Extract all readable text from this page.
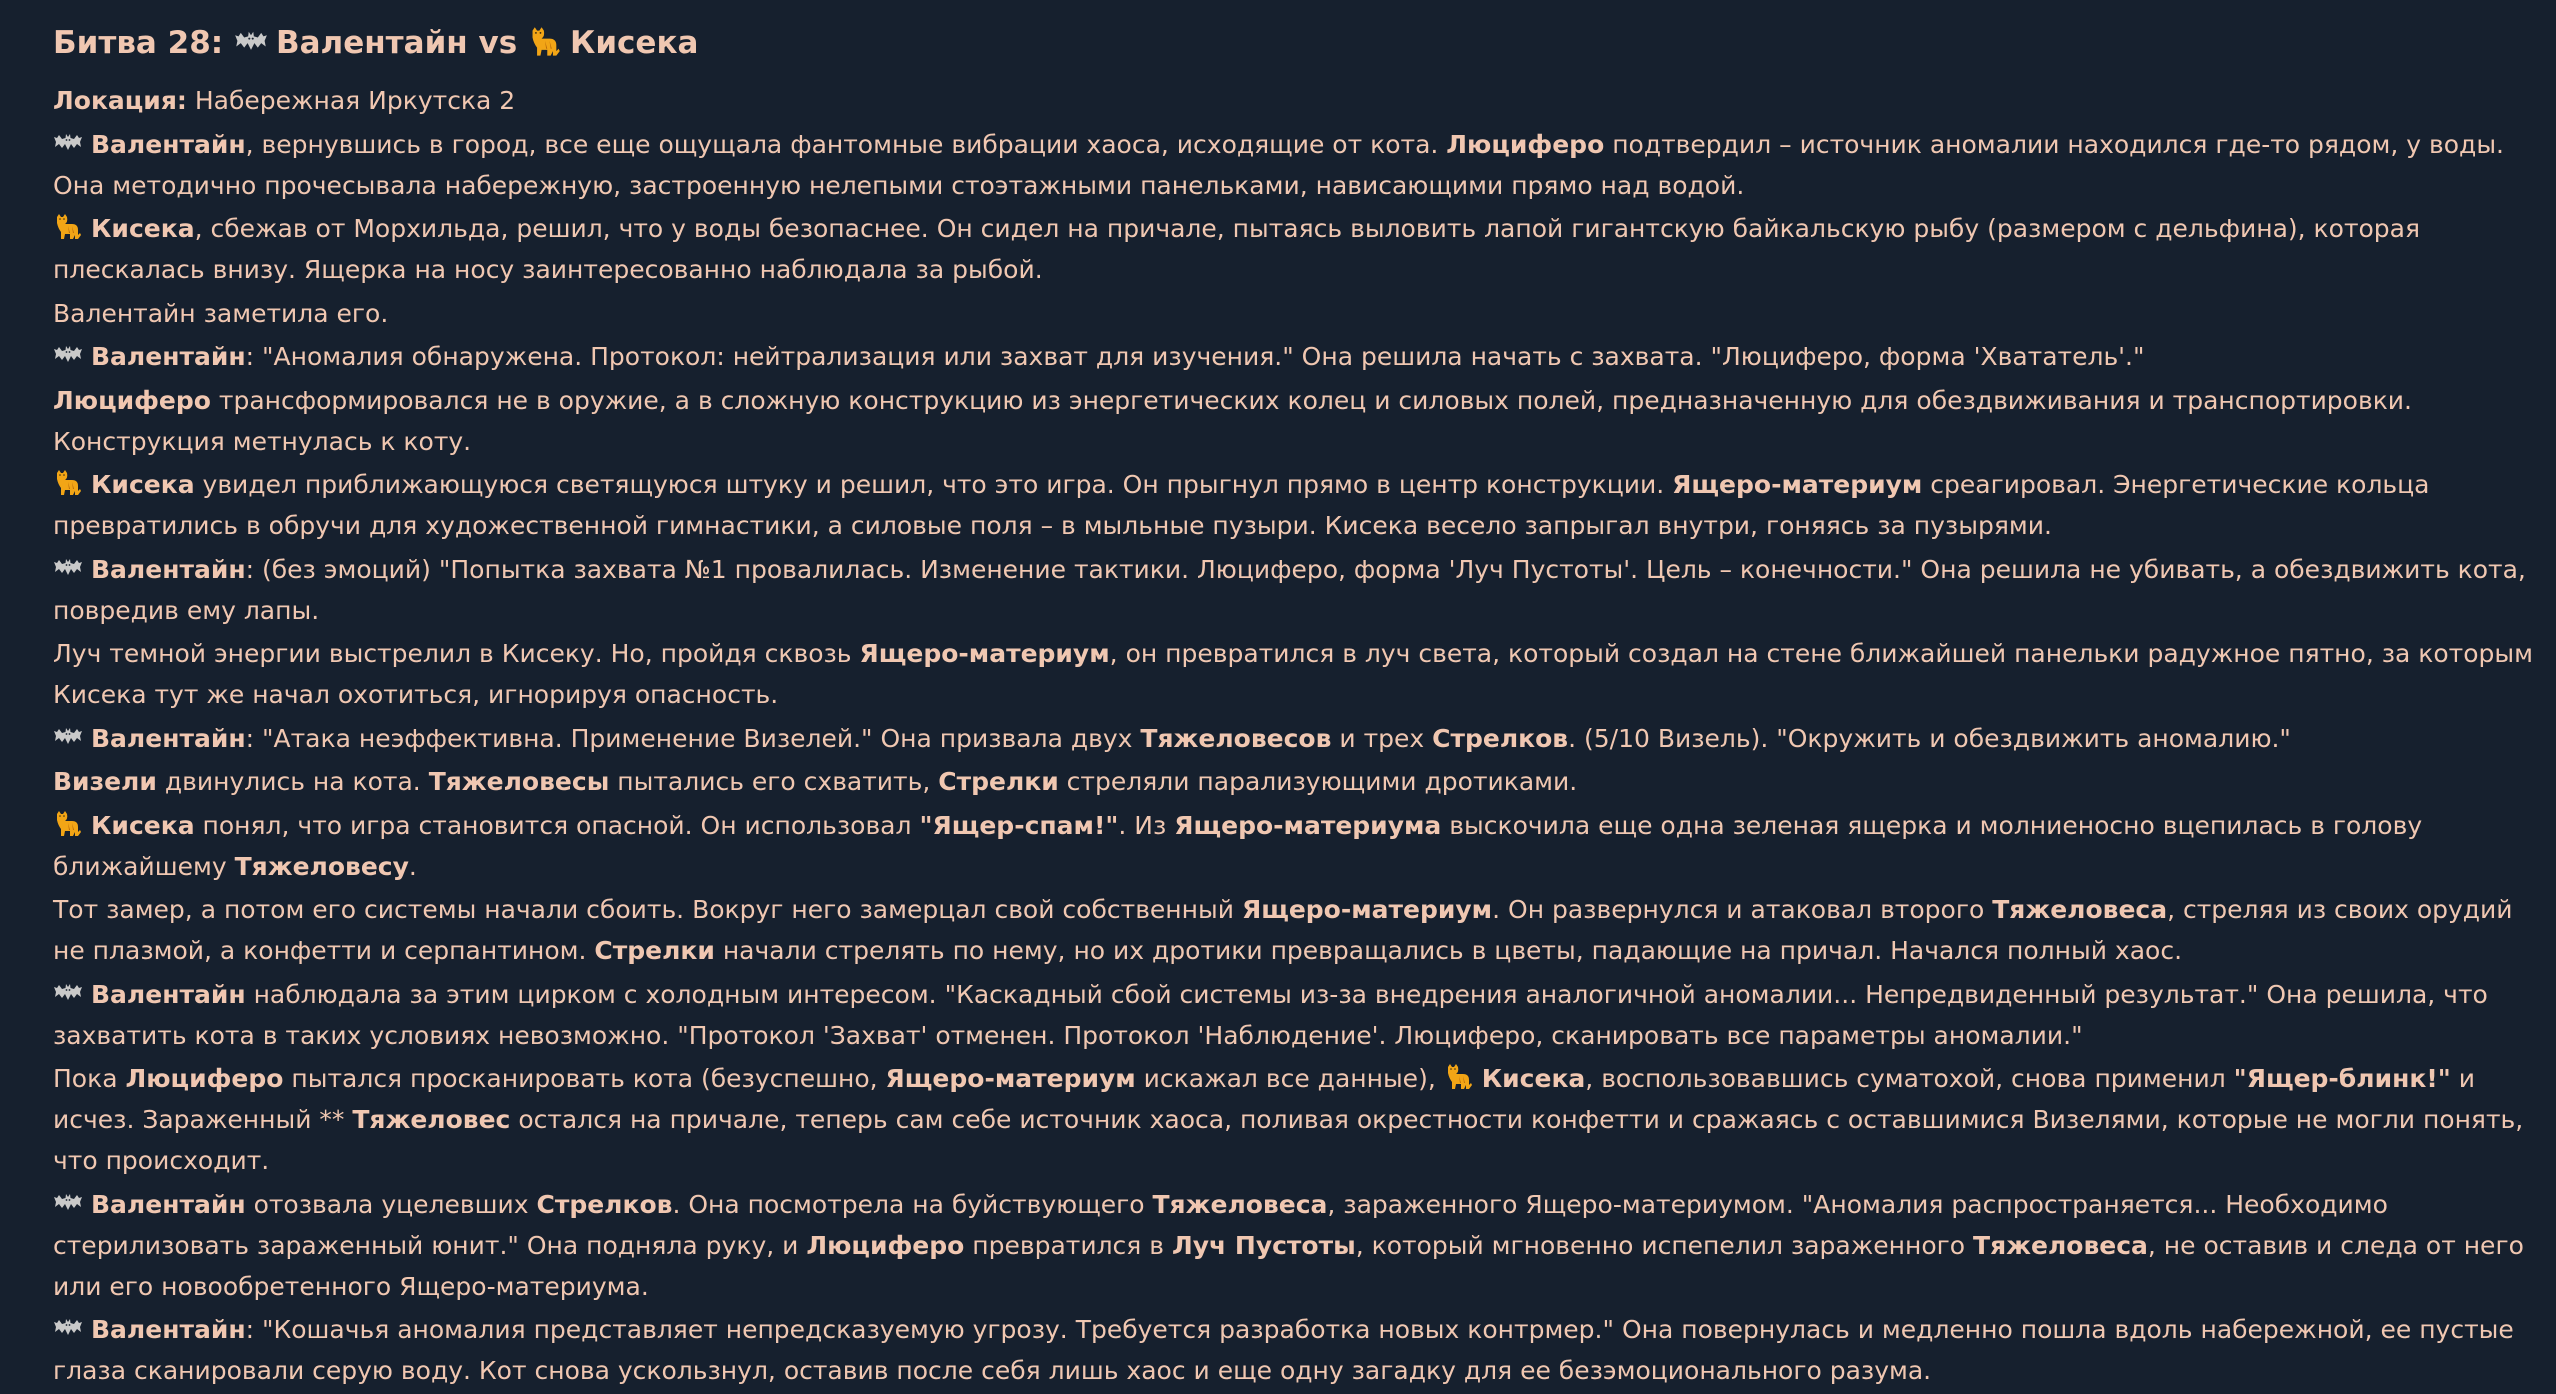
Битва 28: Валентайн vs Кисека
Локация: Набережная Иркутска 2
Валентайн, вернувшись в город, все еще ощущала фантомные вибрации хаоса, исходящие от кота. Люциферо подтвердил – источник аномалии находился где-то рядом, у воды. Она методично прочесывала набережную, застроенную нелепыми стоэтажными панельками, нависающими прямо над водой.
Кисека, сбежав от Морхильда, решил, что у воды безопаснее. Он сидел на причале, пытаясь выловить лапой гигантскую байкальскую рыбу (размером с дельфина), которая плескалась внизу. Ящерка на носу заинтересованно наблюдала за рыбой.
Валентайн заметила его.
Валентайн: "Аномалия обнаружена. Протокол: нейтрализация или захват для изучения." Она решила начать с захвата. "Люциферо, форма 'Хвататель'."
Люциферо трансформировался не в оружие, а в сложную конструкцию из энергетических колец и силовых полей, предназначенную для обездвиживания и транспортировки. Конструкция метнулась к коту.
Кисека увидел приближающуюся светящуюся штуку и решил, что это игра. Он прыгнул прямо в центр конструкции. Ящеро-материум среагировал. Энергетические кольца превратились в обручи для художественной гимнастики, а силовые поля – в мыльные пузыри. Кисека весело запрыгал внутри, гоняясь за пузырями.
Валентайн: (без эмоций) "Попытка захвата №1 провалилась. Изменение тактики. Люциферо, форма 'Луч Пустоты'. Цель – конечности." Она решила не убивать, а обездвижить кота, повредив ему лапы.
Луч темной энергии выстрелил в Кисеку. Но, пройдя сквозь Ящеро-материум, он превратился в луч света, который создал на стене ближайшей панельки радужное пятно, за которым Кисека тут же начал охотиться, игнорируя опасность.
Валентайн: "Атака неэффективна. Применение Визелей." Она призвала двух Тяжеловесов и трех Стрелков. (5/10 Визель). "Окружить и обездвижить аномалию."
Визели двинулись на кота. Тяжеловесы пытались его схватить, Стрелки стреляли парализующими дротиками.
Кисека понял, что игра становится опасной. Он использовал "Ящер-спам!". Из Ящеро-материума выскочила еще одна зеленая ящерка и молниеносно вцепилась в голову ближайшему Тяжеловесу.
Тот замер, а потом его системы начали сбоить. Вокруг него замерцал свой собственный Ящеро-материум. Он развернулся и атаковал второго Тяжеловеса, стреляя из своих орудий не плазмой, а конфетти и серпантином. Стрелки начали стрелять по нему, но их дротики превращались в цветы, падающие на причал. Начался полный хаос.
Валентайн наблюдала за этим цирком с холодным интересом. "Каскадный сбой системы из-за внедрения аналогичной аномалии... Непредвиденный результат." Она решила, что захватить кота в таких условиях невозможно. "Протокол 'Захват' отменен. Протокол 'Наблюдение'. Люциферо, сканировать все параметры аномалии."
Пока Люциферо пытался просканировать кота (безуспешно, Ящеро-материум искажал все данные),
Кисека, воспользовавшись суматохой, снова применил "Ящер-блинк!" и исчез. Зараженный ** Тяжеловес остался на причале, теперь сам себе источник хаоса, поливая окрестности конфетти и сражаясь с оставшимися Визелями, которые не могли понять, что происходит.
Валентайн отозвала уцелевших Стрелков. Она посмотрела на буйствующего Тяжеловеса, зараженного Ящеро-материумом. "Аномалия распространяется... Необходимо стерилизовать зараженный юнит." Она подняла руку, и Люциферо превратился в Луч Пустоты, который мгновенно испепелил зараженного Тяжеловеса, не оставив и следа от него или его новообретенного Ящеро-материума.
Валентайн: "Кошачья аномалия представляет непредсказуемую угрозу. Требуется разработка новых контрмер." Она повернулась и медленно пошла вдоль набережной, ее пустые глаза сканировали серую воду. Кот снова ускользнул, оставив после себя лишь хаос и еще одну загадку для ее безэмоционального разума.
